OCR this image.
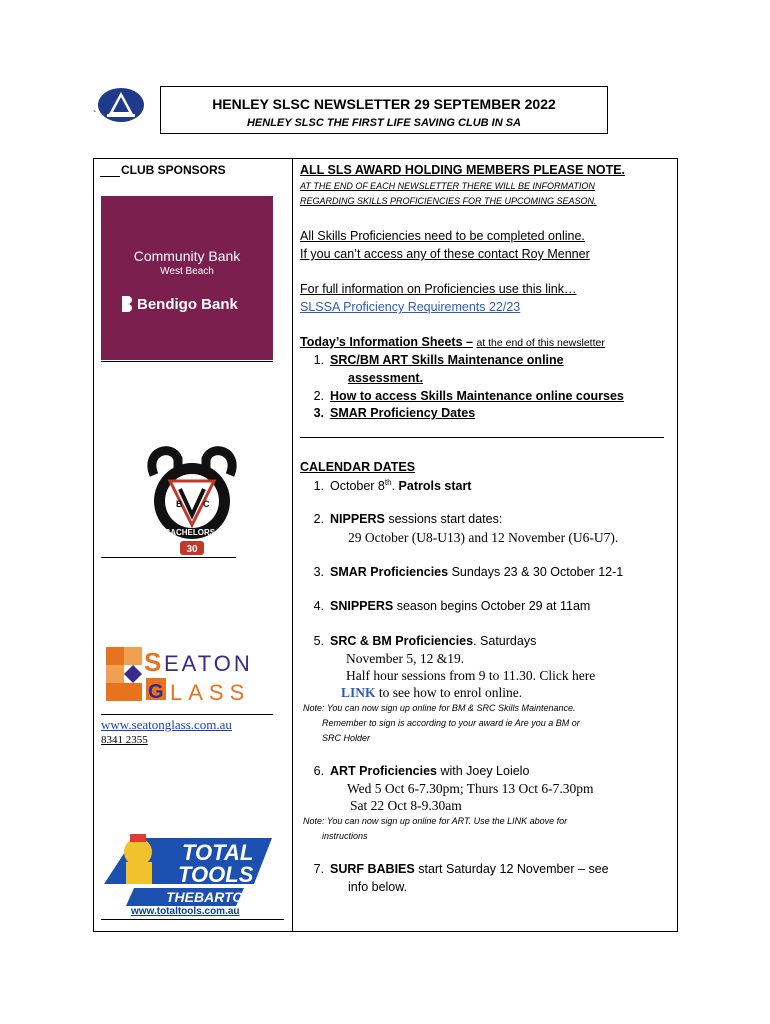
`
HENLEY SLSC NEWSLETTER 29 SEPTEMBER 2022
HENLEY SLSC THE FIRST LIFE SAVING CLUB IN SA
CLUB SPONSORS
Community Bank
West Beach
Bendigo Bank
B C
1913 BACHELORS CLUB
30
S EATON
G LASS
www.seatonglass.com.au
8341 2355
TOTAL
TOOLS
THEBARTON
www.totaltools.com.au
ALL SLS AWARD HOLDING MEMBERS PLEASE NOTE.
AT THE END OF EACH NEWSLETTER THERE WILL BE INFORMATION
REGARDING SKILLS PROFICIENCIES FOR THE UPCOMING SEASON.
All Skills Proficiencies need to be completed online.
If you can’t access any of these contact Roy Menner
For full information on Proficiencies use this link…
SLSSA Proficiency Requirements 22/23
Today’s Information Sheets – at the end of this newsletter
1. SRC/BM ART Skills Maintenance online
assessment.
2. How to access Skills Maintenance online courses
3. SMAR Proficiency Dates
CALENDAR DATES
1. October 8th. Patrols start
2. NIPPERS sessions start dates:
29 October (U8-U13) and 12 November (U6-U7).
3. SMAR Proficiencies Sundays 23 & 30 October 12-1
4. SNIPPERS season begins October 29 at 11am
5. SRC & BM Proficiencies. Saturdays
November 5, 12 &19.
Half hour sessions from 9 to 11.30. Click here
LINK to see how to enrol online.
Note: You can now sign up online for BM & SRC Skills Maintenance.
Remember to sign is according to your award ie Are you a BM or
SRC Holder
6. ART Proficiencies with Joey Loielo
Wed 5 Oct 6-7.30pm; Thurs 13 Oct 6-7.30pm
Sat 22 Oct 8-9.30am
Note: You can now sign up online for ART. Use the LINK above for
instructions
7. SURF BABIES start Saturday 12 November – see
info below.
